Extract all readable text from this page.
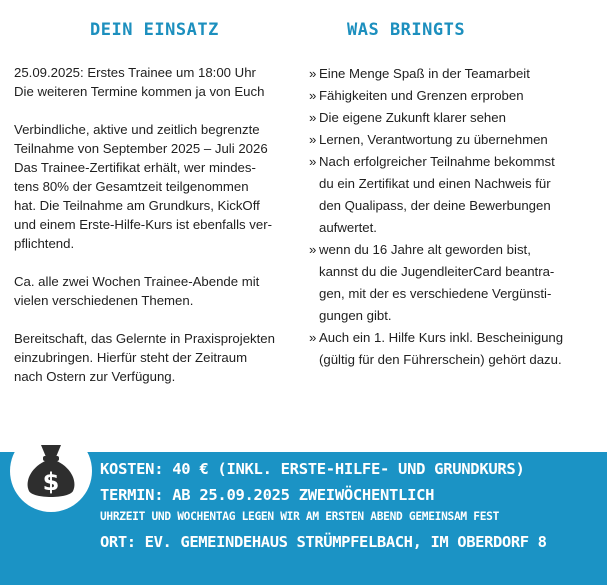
DEIN EINSATZ	WAS BRINGTS

25.09.2025: Erstes Trainee um 18:00 Uhr
Die weiteren Termine kommen ja von Euch

Verbindliche, aktive und zeitlich begrenzte
Teilnahme von September 2025 – Juli 2026
Das Trainee-Zertifikat erhält, wer mindes-
tens 80% der Gesamtzeit teilgenommen
hat. Die Teilnahme am Grundkurs, KickOff
und einem Erste-Hilfe-Kurs ist ebenfalls ver-
pflichtend.

Ca. alle zwei Wochen Trainee-Abende mit
vielen verschiedenen Themen.

Bereitschaft, das Gelernte in Praxisprojekten
einzubringen. Hierfür steht der Zeitraum
nach Ostern zur Verfügung.

» Eine Menge Spaß in der Teamarbeit
» Fähigkeiten und Grenzen erproben
» Die eigene Zukunft klarer sehen
» Lernen, Verantwortung zu übernehmen
» Nach erfolgreicher Teilnahme bekommst
du ein Zertifikat und einen Nachweis für
den Qualipass, der deine Bewerbungen
aufwertet.
» wenn du 16 Jahre alt geworden bist,
kannst du die JugendleiterCard beantra-
gen, mit der es verschiedene Vergünsti-
gungen gibt.
» Auch ein 1. Hilfe Kurs inkl. Bescheinigung
(gültig für den Führerschein) gehört dazu.
$	KOSTEN: 40 € (INKL. ERSTE-HILFE- UND GRUNDKURS)

TERMIN: AB 25.09.2025 ZWEIWÖCHENTLICH

UHRZEIT UND WOCHENTAG LEGEN WIR AM ERSTEN ABEND GEMEINSAM FEST

ORT: EV. GEMEINDEHAUS STRÜMPFELBACH, IM OBERDORF 8
